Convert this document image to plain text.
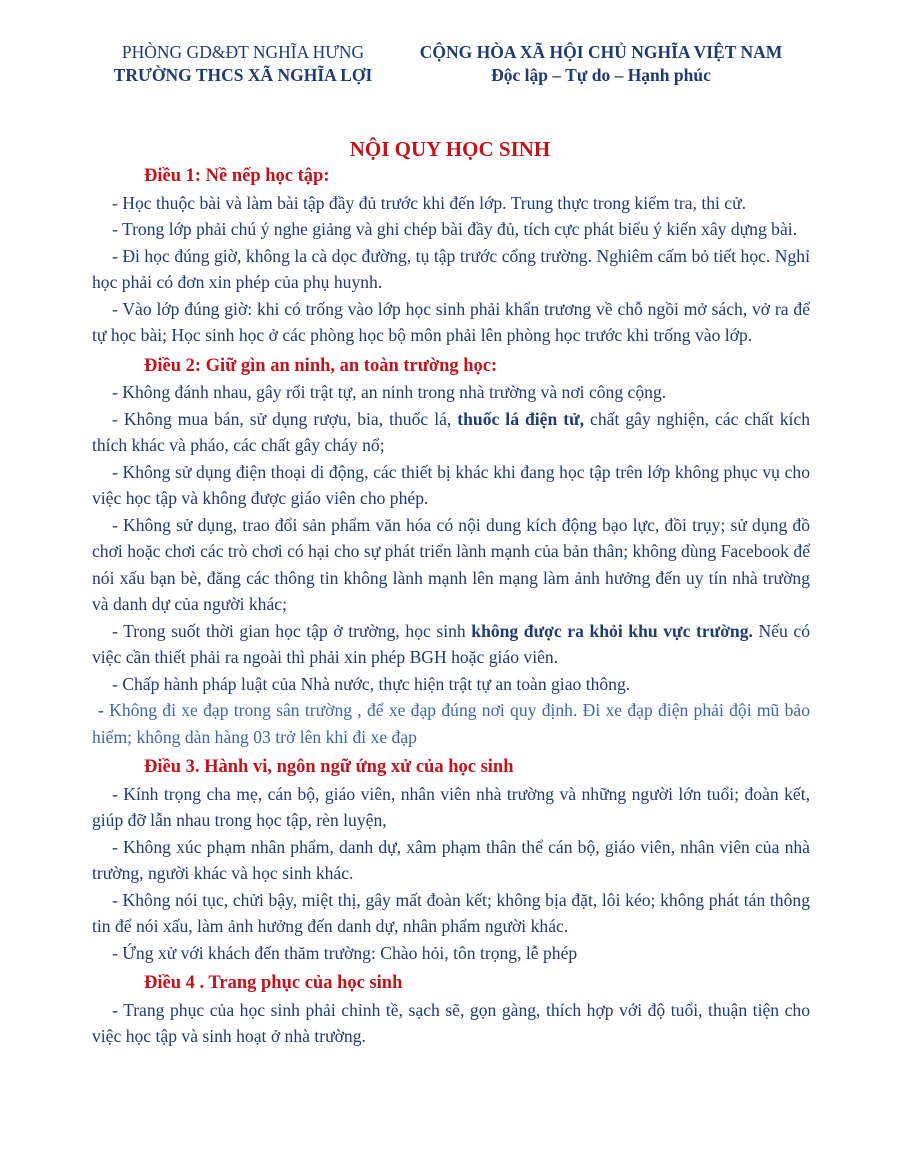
PHÒNG GD&ĐT NGHĨA HƯNG
TRƯỜNG THCS XÃ NGHĨA LỢI
CỘNG HÒA XÃ HỘI CHỦ NGHĨA VIỆT NAM
Độc lập – Tự do – Hạnh phúc
NỘI QUY HỌC SINH

Điều 1: Nề nếp học tập:

- Học thuộc bài và làm bài tập đầy đủ trước khi đến lớp. Trung thực trong kiểm tra, thi cử.

- Trong lớp phải chú ý nghe giảng và ghi chép bài đầy đủ, tích cực phát biểu ý kiến xây dựng bài.

- Đi học đúng giờ, không la cà dọc đường, tụ tập trước cổng trường. Nghiêm cấm bỏ tiết học. Nghỉ học phải có đơn xin phép của phụ huynh.

- Vào lớp đúng giờ: khi có trống vào lớp học sinh phải khẩn trương về chỗ ngồi mở sách, vở ra để tự học bài; Học sinh học ở các phòng học bộ môn phải lên phòng học trước khi trống vào lớp.

Điều 2: Giữ gìn an ninh, an toàn trường học:

- Không đánh nhau, gây rối trật tự, an ninh trong nhà trường và nơi công cộng.

- Không mua bán, sử dụng rượu, bia, thuốc lá, thuốc lá điện tử, chất gây nghiện, các chất kích thích khác và pháo, các chất gây cháy nổ;

- Không sử dụng điện thoại di động, các thiết bị khác khi đang học tập trên lớp không phục vụ cho việc học tập và không được giáo viên cho phép.

- Không sử dụng, trao đổi sản phẩm văn hóa có nội dung kích động bạo lực, đồi trụy; sử dụng đồ chơi hoặc chơi các trò chơi có hại cho sự phát triển lành mạnh của bản thân; không dùng Facebook để nói xấu bạn bè, đăng các thông tin không lành mạnh lên mạng làm ảnh hưởng đến uy tín nhà trường và danh dự của người khác;

- Trong suốt thời gian học tập ở trường, học sinh không được ra khỏi khu vực trường. Nếu có việc cần thiết phải ra ngoài thì phải xin phép BGH hoặc giáo viên.

- Chấp hành pháp luật của Nhà nước, thực hiện trật tự an toàn giao thông.

- Không đi xe đạp trong sân trường , để xe đạp đúng nơi quy định. Đi xe đạp điện phải đội mũ bảo hiểm; không dàn hàng 03 trở lên khi đi xe đạp

Điều 3. Hành vi, ngôn ngữ ứng xử của học sinh

- Kính trọng cha mẹ, cán bộ, giáo viên, nhân viên nhà trường và những người lớn tuổi; đoàn kết, giúp đỡ lẫn nhau trong học tập, rèn luyện,

- Không xúc phạm nhân phẩm, danh dự, xâm phạm thân thể cán bộ, giáo viên, nhân viên của nhà trường, người khác và học sinh khác.

- Không nói tục, chửi bậy, miệt thị, gây mất đoàn kết; không bịa đặt, lôi kéo; không phát tán thông tin để nói xấu, làm ảnh hưởng đến danh dự, nhân phẩm người khác.

- Ứng xử với khách đến thăm trường: Chào hỏi, tôn trọng, lễ phép

Điều 4 . Trang phục của học sinh

- Trang phục của học sinh phải chỉnh tề, sạch sẽ, gọn gàng, thích hợp với độ tuổi, thuận tiện cho việc học tập và sinh hoạt ở nhà trường.
